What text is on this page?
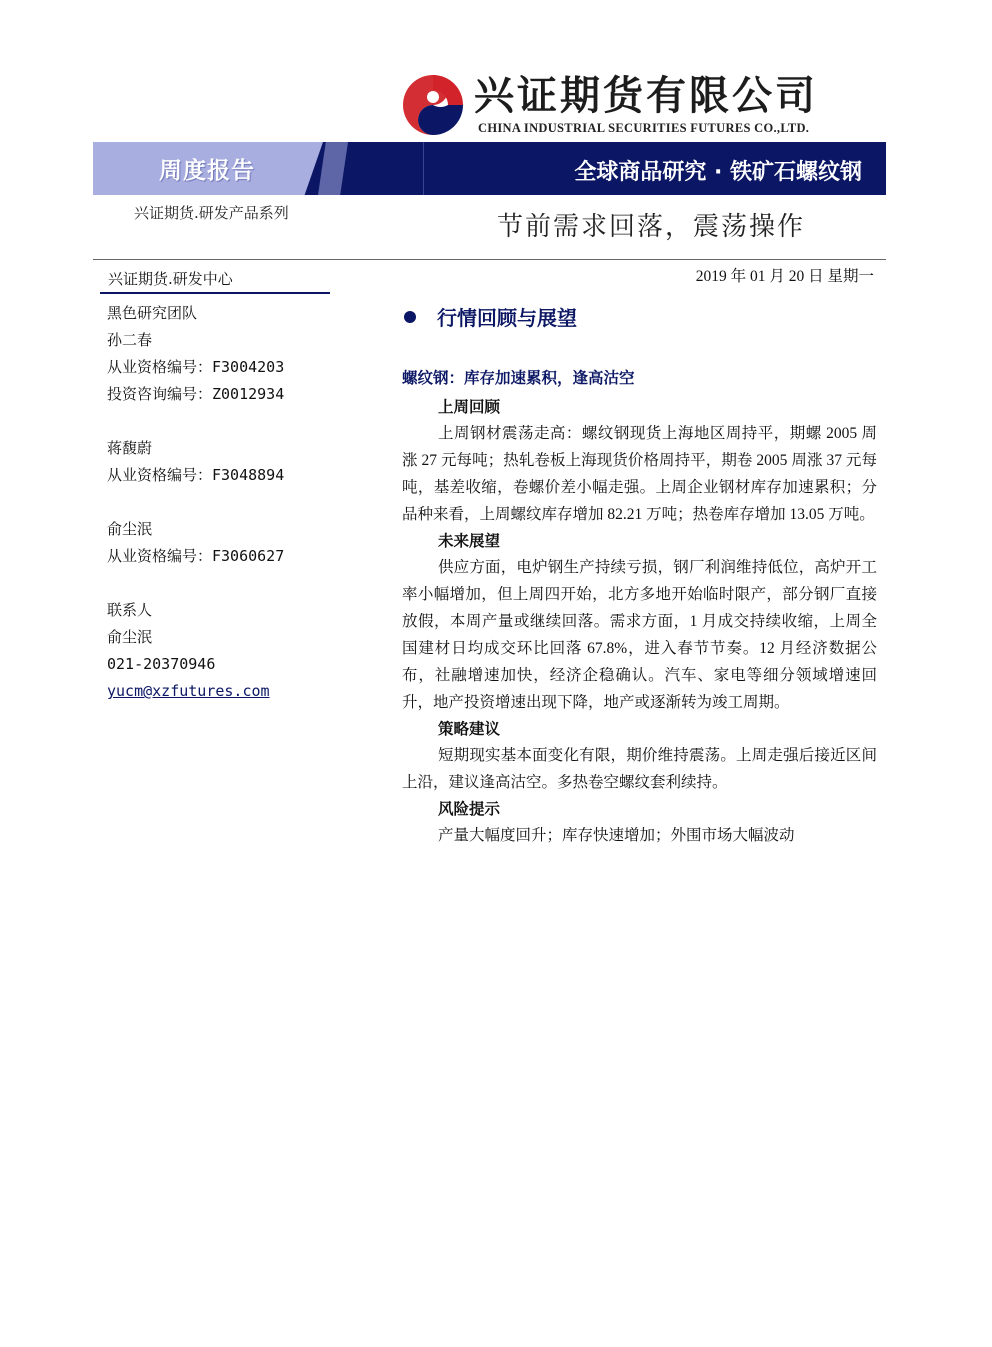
兴证期货有限公司
CHINA INDUSTRIAL SECURITIES FUTURES CO.,LTD.
周度报告	全球商品研究 · 铁矿石螺纹钢
兴证期货.研发产品系列	节前需求回落，震荡操作
2019 年 01 月 20 日 星期一
兴证期货.研发中心
黑色研究团队
孙二春
从业资格编号：F3004203
投资咨询编号：Z0012934
蒋馥蔚
从业资格编号：F3048894
俞尘泯
从业资格编号：F3060627
联系人
俞尘泯
021-20370946
yucm@xzfutures.com
行情回顾与展望
螺纹钢：库存加速累积，逢高沽空
上周回顾
上周钢材震荡走高：螺纹钢现货上海地区周持平，期螺 2005 周涨 27 元每吨；热轧卷板上海现货价格周持平，期卷 2005 周涨 37 元每吨，基差收缩，卷螺价差小幅走强。上周企业钢材库存加速累积；分品种来看，上周螺纹库存增加 82.21 万吨；热卷库存增加 13.05 万吨。
未来展望
供应方面，电炉钢生产持续亏损，钢厂利润维持低位，高炉开工率小幅增加，但上周四开始，北方多地开始临时限产，部分钢厂直接放假，本周产量或继续回落。需求方面，1 月成交持续收缩，上周全国建材日均成交环比回落 67.8%，进入春节节奏。12 月经济数据公布，社融增速加快，经济企稳确认。汽车、家电等细分领域增速回升，地产投资增速出现下降，地产或逐渐转为竣工周期。
策略建议
短期现实基本面变化有限，期价维持震荡。上周走强后接近区间上沿，建议逢高沽空。多热卷空螺纹套利续持。
风险提示
产量大幅度回升；库存快速增加；外围市场大幅波动
